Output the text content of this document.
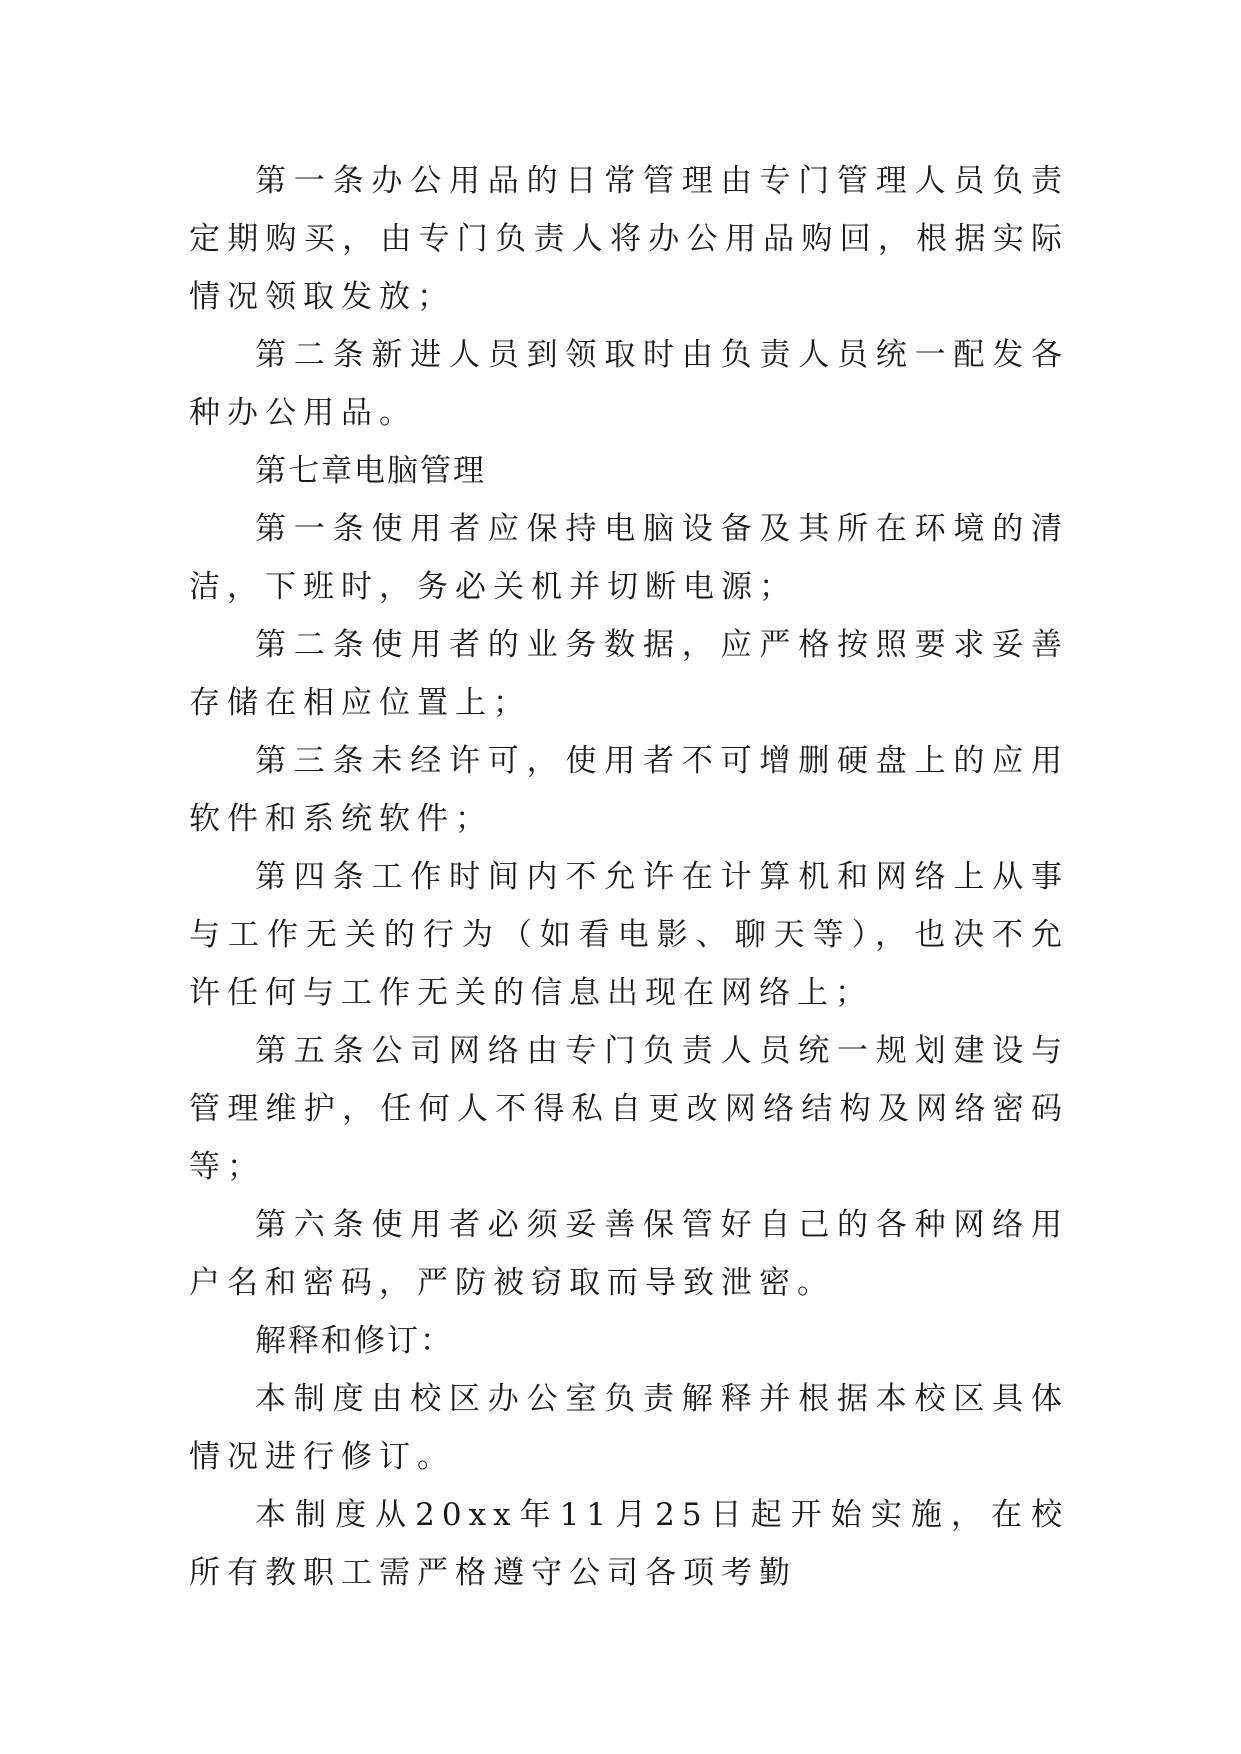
第一条办公用品的日常管理由专门管理人员负责定期购买，由专门负责人将办公用品购回，根据实际情况领取发放；

第二条新进人员到领取时由负责人员统一配发各种办公用品。

第七章电脑管理

第一条使用者应保持电脑设备及其所在环境的清洁，下班时，务必关机并切断电源；

第二条使用者的业务数据，应严格按照要求妥善存储在相应位置上；

第三条未经许可，使用者不可增删硬盘上的应用软件和系统软件；

第四条工作时间内不允许在计算机和网络上从事与工作无关的行为（如看电影、聊天等），也决不允许任何与工作无关的信息出现在网络上；

第五条公司网络由专门负责人员统一规划建设与管理维护，任何人不得私自更改网络结构及网络密码等；

第六条使用者必须妥善保管好自己的各种网络用户名和密码，严防被窃取而导致泄密。

解释和修订：

本制度由校区办公室负责解释并根据本校区具体情况进行修订。

本制度从20xx年11月25日起开始实施，在校所有教职工需严格遵守公司各项考勤
